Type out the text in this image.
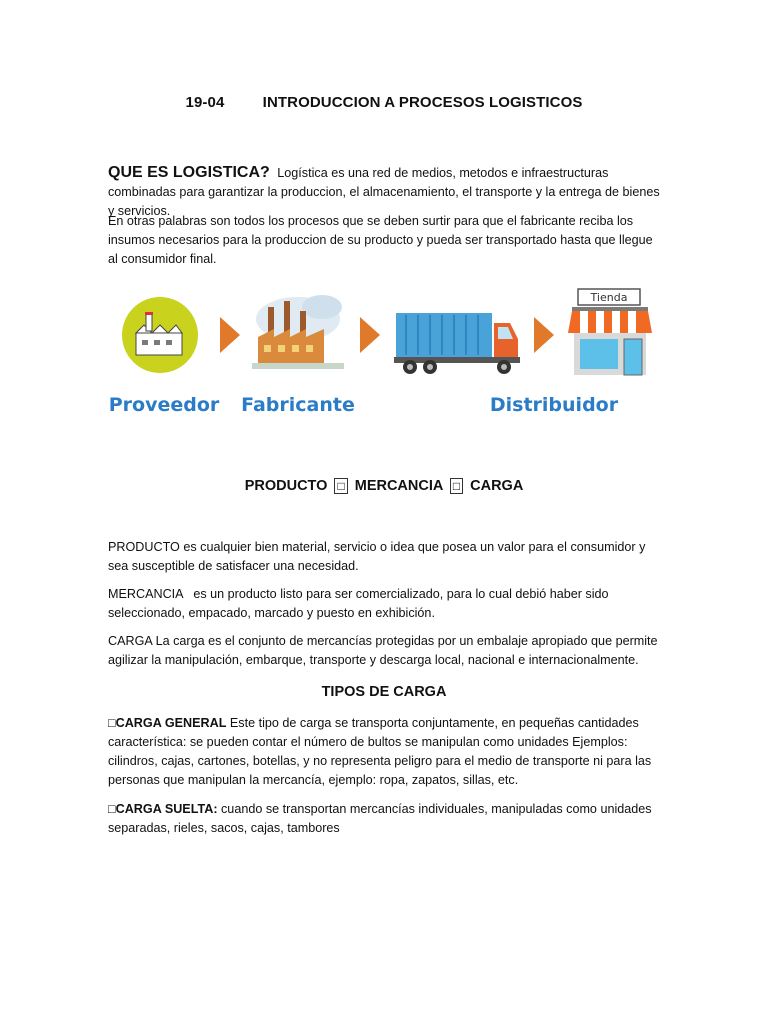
19-04	INTRODUCCION A PROCESOS LOGISTICOS
QUE ES LOGISTICA? Logística es una red de medios, metodos e infraestructuras combinadas para garantizar la produccion, el almacenamiento, el transporte y la entrega de bienes y servicios.
En otras palabras son todos los procesos que se deben surtir para que el fabricante reciba los insumos necesarios para la produccion de su producto y pueda ser transportado hasta que llegue al consumidor final.
Tienda
Proveedor Fabricante	Distribuidor
PRODUCTO □ MERCANCIA □ CARGA
PRODUCTO es cualquier bien material, servicio o idea que posea un valor para el consumidor y sea susceptible de satisfacer una necesidad.
MERCANCIA   es un producto listo para ser comercializado, para lo cual debió haber sido seleccionado, empacado, marcado y puesto en exhibición.
CARGA La carga es el conjunto de mercancías protegidas por un embalaje apropiado que permite agilizar la manipulación, embarque, transporte y descarga local, nacional e internacionalmente.
TIPOS DE CARGA
□CARGA GENERAL Este tipo de carga se transporta conjuntamente, en pequeñas cantidades característica: se pueden contar el número de bultos se manipulan como unidades Ejemplos: cilindros, cajas, cartones, botellas, y no representa peligro para el medio de transporte ni para las personas que manipulan la mercancía, ejemplo: ropa, zapatos, sillas, etc.
□CARGA SUELTA: cuando se transportan mercancías individuales, manipuladas como unidades separadas, rieles, sacos, cajas, tambores
